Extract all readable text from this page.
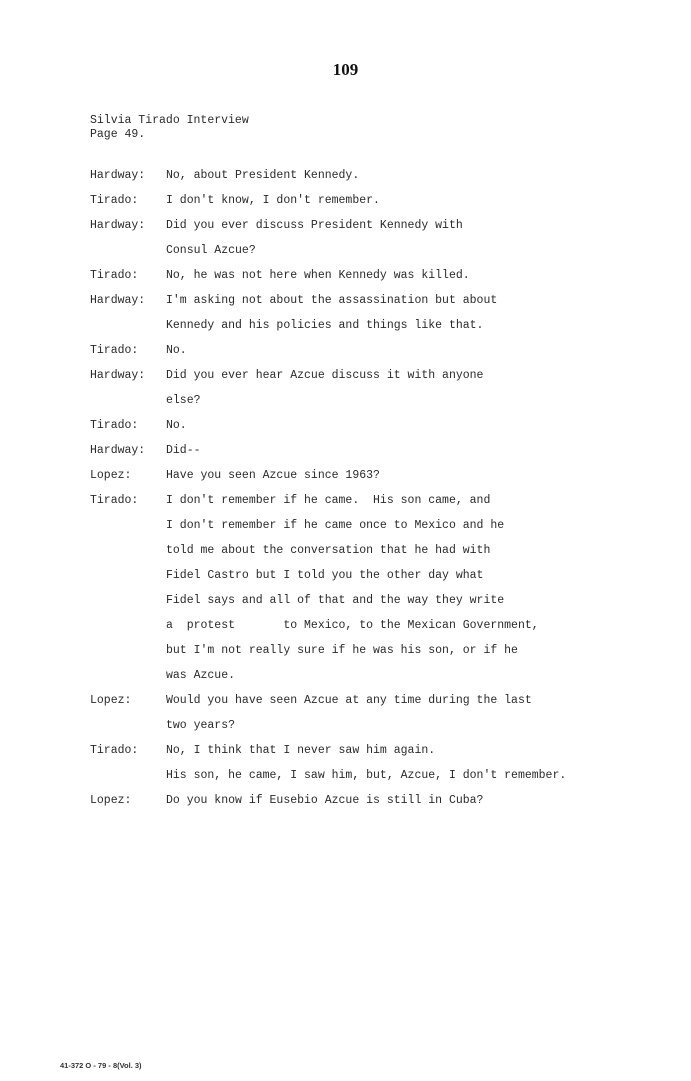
109
Silvia Tirado Interview
Page 49.
Hardway:	No, about President Kennedy.
Tirado:	I don't know, I don't remember.
Hardway:	Did you ever discuss President Kennedy with
Consul Azcue?
Tirado:	No, he was not here when Kennedy was killed.
Hardway:	I'm asking not about the assassination but about
Kennedy and his policies and things like that.
Tirado:	No.
Hardway:	Did you ever hear Azcue discuss it with anyone
else?
Tirado:	No.
Hardway:	Did--
Lopez:	Have you seen Azcue since 1963?
Tirado:	I don't remember if he came.  His son came, and
I don't remember if he came once to Mexico and he
told me about the conversation that he had with
Fidel Castro but I told you the other day what
Fidel says and all of that and the way they write
a  protest       to Mexico, to the Mexican Government,
but I'm not really sure if he was his son, or if he
was Azcue.
Lopez:	Would you have seen Azcue at any time during the last
two years?
Tirado:	No, I think that I never saw him again.
His son, he came, I saw him, but, Azcue, I don't remember.
Lopez:	Do you know if Eusebio Azcue is still in Cuba?
41-372 O - 79 - 8(Vol. 3)
